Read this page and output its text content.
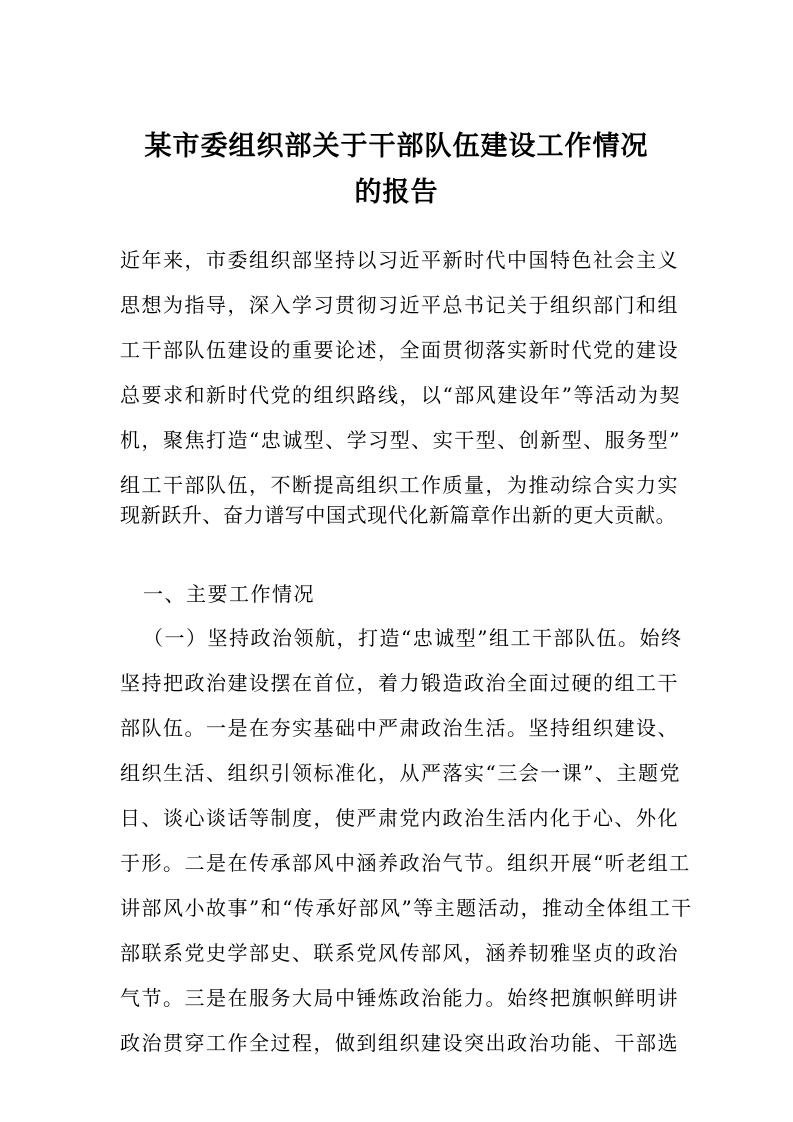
某市委组织部关于干部队伍建设工作情况
的报告

近年来，市委组织部坚持以习近平新时代中国特色社会主义

思想为指导，深入学习贯彻习近平总书记关于组织部门和组

工干部队伍建设的重要论述，全面贯彻落实新时代党的建设

总要求和新时代党的组织路线，以“部风建设年”等活动为契

机，聚焦打造“忠诚型、学习型、实干型、创新型、服务型”

组工干部队伍，不断提高组织工作质量，为推动综合实力实

现新跃升、奋力谱写中国式现代化新篇章作出新的更大贡献。

一、主要工作情况

（一）坚持政治领航，打造“忠诚型”组工干部队伍。始终

坚持把政治建设摆在首位，着力锻造政治全面过硬的组工干

部队伍。一是在夯实基础中严肃政治生活。坚持组织建设、

组织生活、组织引领标准化，从严落实“三会一课”、主题党

日、谈心谈话等制度，使严肃党内政治生活内化于心、外化

于形。二是在传承部风中涵养政治气节。组织开展“听老组工

讲部风小故事”和“传承好部风”等主题活动，推动全体组工干

部联系党史学部史、联系党风传部风，涵养韧雅坚贞的政治

气节。三是在服务大局中锤炼政治能力。始终把旗帜鲜明讲

政治贯穿工作全过程，做到组织建设突出政治功能、干部选
